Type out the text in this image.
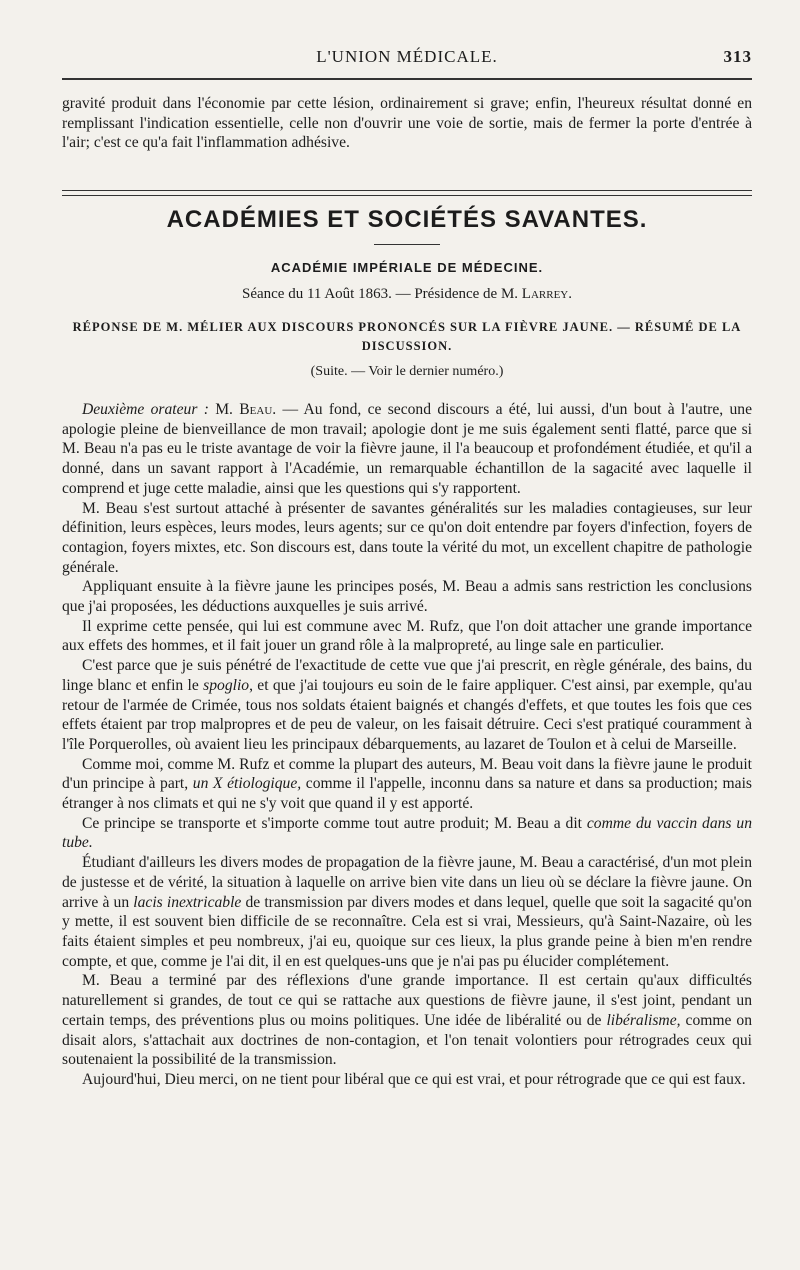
L'UNION MÉDICALE.	313

gravité produit dans l'économie par cette lésion, ordinairement si grave; enfin, l'heureux résultat donné en remplissant l'indication essentielle, celle non d'ouvrir une voie de sortie, mais de fermer la porte d'entrée à l'air; c'est ce qu'a fait l'inflammation adhésive.

ACADÉMIES ET SOCIÉTÉS SAVANTES.
ACADÉMIE IMPÉRIALE DE MÉDECINE.
Séance du 11 Août 1863. — Présidence de M. Larrey.
RÉPONSE DE M. MÉLIER AUX DISCOURS PRONONCÉS SUR LA FIÈVRE JAUNE. — RÉSUMÉ DE LA DISCUSSION.
(Suite. — Voir le dernier numéro.)

Deuxième orateur : M. Beau. — Au fond, ce second discours a été, lui aussi, d'un bout à l'autre, une apologie pleine de bienveillance de mon travail; apologie dont je me suis également senti flatté, parce que si M. Beau n'a pas eu le triste avantage de voir la fièvre jaune, il l'a beaucoup et profondément étudiée, et qu'il a donné, dans un savant rapport à l'Académie, un remarquable échantillon de la sagacité avec laquelle il comprend et juge cette maladie, ainsi que les questions qui s'y rapportent.

M. Beau s'est surtout attaché à présenter de savantes généralités sur les maladies contagieuses, sur leur définition, leurs espèces, leurs modes, leurs agents; sur ce qu'on doit entendre par foyers d'infection, foyers de contagion, foyers mixtes, etc. Son discours est, dans toute la vérité du mot, un excellent chapitre de pathologie générale.

Appliquant ensuite à la fièvre jaune les principes posés, M. Beau a admis sans restriction les conclusions que j'ai proposées, les déductions auxquelles je suis arrivé.

Il exprime cette pensée, qui lui est commune avec M. Rufz, que l'on doit attacher une grande importance aux effets des hommes, et il fait jouer un grand rôle à la malpropreté, au linge sale en particulier.

C'est parce que je suis pénétré de l'exactitude de cette vue que j'ai prescrit, en règle générale, des bains, du linge blanc et enfin le spoglio, et que j'ai toujours eu soin de le faire appliquer. C'est ainsi, par exemple, qu'au retour de l'armée de Crimée, tous nos soldats étaient baignés et changés d'effets, et que toutes les fois que ces effets étaient par trop malpropres et de peu de valeur, on les faisait détruire. Ceci s'est pratiqué couramment à l'île Porquerolles, où avaient lieu les principaux débarquements, au lazaret de Toulon et à celui de Marseille.

Comme moi, comme M. Rufz et comme la plupart des auteurs, M. Beau voit dans la fièvre jaune le produit d'un principe à part, un X étiologique, comme il l'appelle, inconnu dans sa nature et dans sa production; mais étranger à nos climats et qui ne s'y voit que quand il y est apporté.

Ce principe se transporte et s'importe comme tout autre produit; M. Beau a dit comme du vaccin dans un tube.

Étudiant d'ailleurs les divers modes de propagation de la fièvre jaune, M. Beau a caractérisé, d'un mot plein de justesse et de vérité, la situation à laquelle on arrive bien vite dans un lieu où se déclare la fièvre jaune. On arrive à un lacis inextricable de transmission par divers modes et dans lequel, quelle que soit la sagacité qu'on y mette, il est souvent bien difficile de se reconnaître. Cela est si vrai, Messieurs, qu'à Saint-Nazaire, où les faits étaient simples et peu nombreux, j'ai eu, quoique sur ces lieux, la plus grande peine à bien m'en rendre compte, et que, comme je l'ai dit, il en est quelques-uns que je n'ai pas pu élucider complétement.

M. Beau a terminé par des réflexions d'une grande importance. Il est certain qu'aux difficultés naturellement si grandes, de tout ce qui se rattache aux questions de fièvre jaune, il s'est joint, pendant un certain temps, des préventions plus ou moins politiques. Une idée de libéralité ou de libéralisme, comme on disait alors, s'attachait aux doctrines de non-contagion, et l'on tenait volontiers pour rétrogrades ceux qui soutenaient la possibilité de la transmission.

Aujourd'hui, Dieu merci, on ne tient pour libéral que ce qui est vrai, et pour rétrograde que ce qui est faux.
